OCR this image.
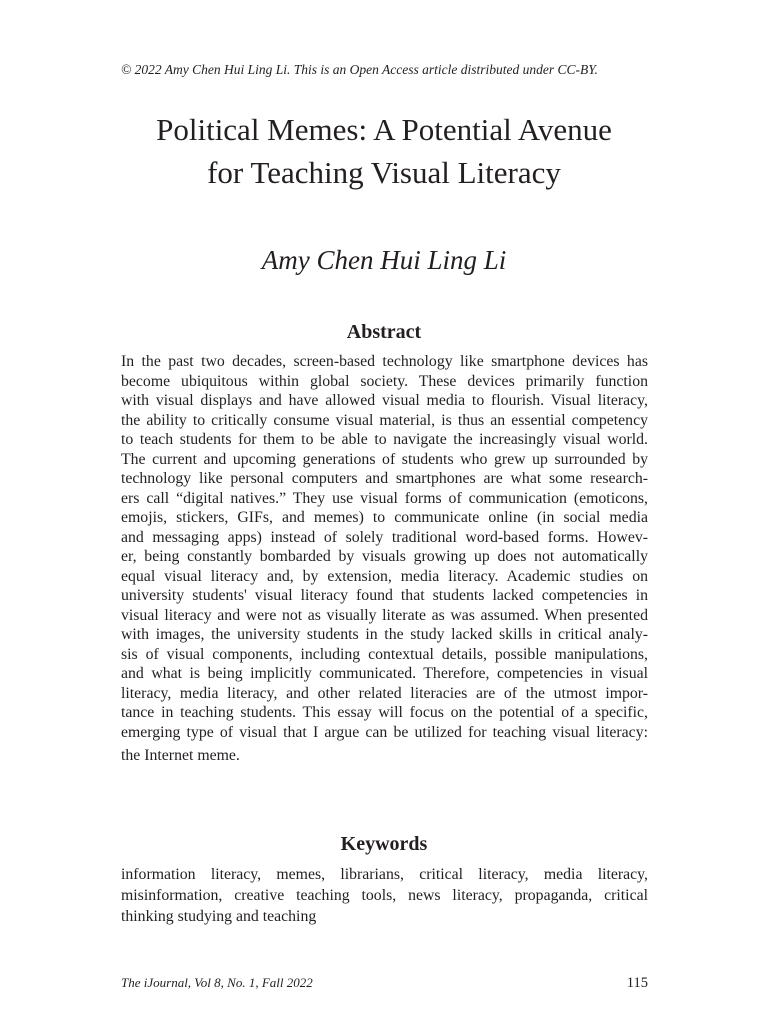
© 2022 Amy Chen Hui Ling Li. This is an Open Access article distributed under CC-BY.
Political Memes: A Potential Avenue
for Teaching Visual Literacy
Amy Chen Hui Ling Li
Abstract
In the past two decades, screen-based technology like smartphone devices has
become ubiquitous within global society. These devices primarily function
with visual displays and have allowed visual media to flourish. Visual literacy,
the ability to critically consume visual material, is thus an essential competency
to teach students for them to be able to navigate the increasingly visual world.
The current and upcoming generations of students who grew up surrounded by
technology like personal computers and smartphones are what some research-
ers call “digital natives.” They use visual forms of communication (emoticons,
emojis, stickers, GIFs, and memes) to communicate online (in social media
and messaging apps) instead of solely traditional word-based forms. Howev-
er, being constantly bombarded by visuals growing up does not automatically
equal visual literacy and, by extension, media literacy. Academic studies on
university students' visual literacy found that students lacked competencies in
visual literacy and were not as visually literate as was assumed. When presented
with images, the university students in the study lacked skills in critical analy-
sis of visual components, including contextual details, possible manipulations,
and what is being implicitly communicated. Therefore, competencies in visual
literacy, media literacy, and other related literacies are of the utmost impor-
tance in teaching students. This essay will focus on the potential of a specific,
emerging type of visual that I argue can be utilized for teaching visual literacy:
the Internet meme.
Keywords
information literacy, memes, librarians, critical literacy, media literacy,
misinformation, creative teaching tools, news literacy, propaganda, critical
thinking studying and teaching
The iJournal, Vol 8, No. 1, Fall 2022	115
